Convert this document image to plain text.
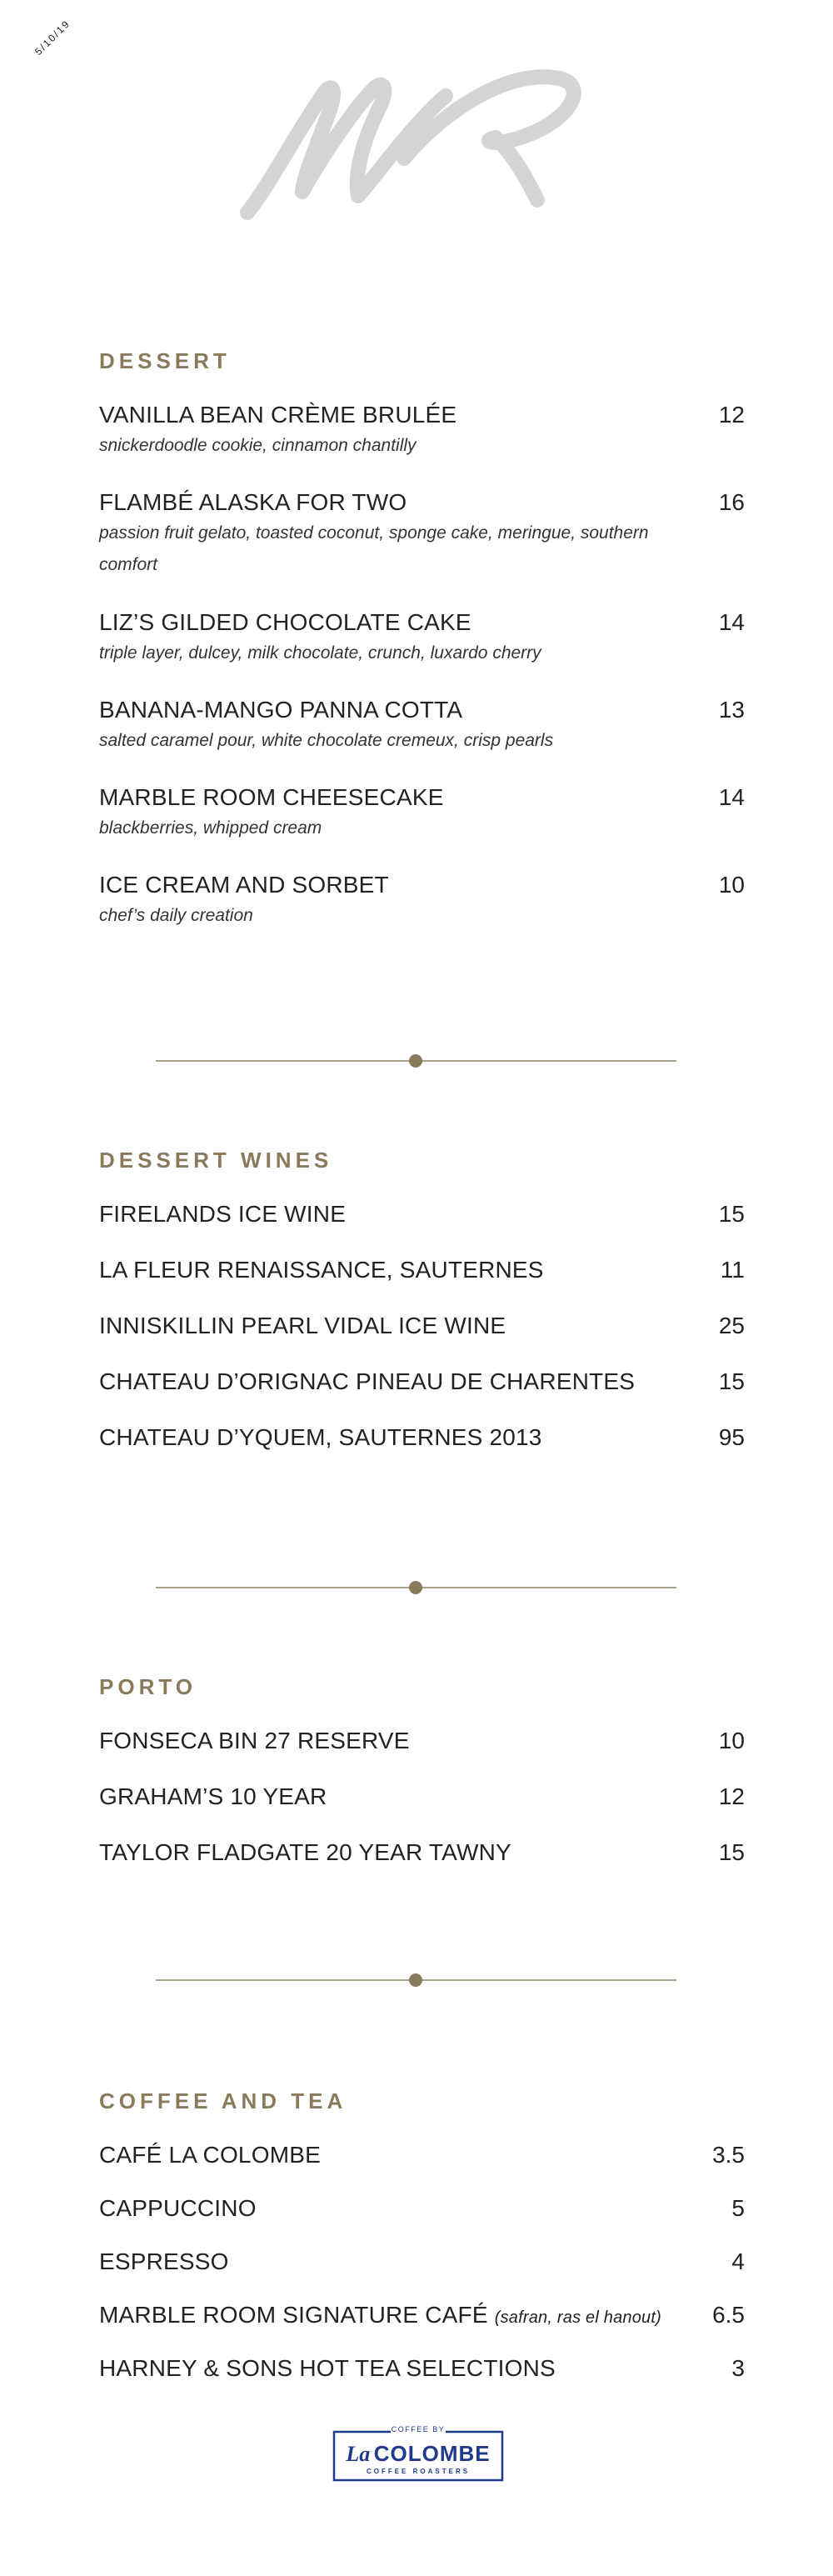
5/10/19
DESSERT
VANILLA BEAN CRÈME BRULÉE	12
snickerdoodle cookie, cinnamon chantilly
FLAMBÉ ALASKA FOR TWO	16
passion fruit gelato, toasted coconut, sponge cake, meringue, southern comfort
LIZ’S GILDED CHOCOLATE CAKE	14
triple layer, dulcey, milk chocolate, crunch, luxardo cherry
BANANA-MANGO PANNA COTTA	13
salted caramel pour, white chocolate cremeux, crisp pearls
MARBLE ROOM CHEESECAKE	14
blackberries, whipped cream
ICE CREAM AND SORBET	10
chef’s daily creation
DESSERT WINES
FIRELANDS ICE WINE	15
LA FLEUR RENAISSANCE, SAUTERNES	11
INNISKILLIN PEARL VIDAL ICE WINE	25
CHATEAU D’ORIGNAC PINEAU DE CHARENTES	15
CHATEAU D’YQUEM, SAUTERNES 2013	95
PORTO
FONSECA BIN 27 RESERVE	10
GRAHAM’S 10 YEAR	12
TAYLOR FLADGATE 20 YEAR TAWNY	15
COFFEE AND TEA
CAFÉ LA COLOMBE	3.5
CAPPUCCINO	5
ESPRESSO	4
MARBLE ROOM SIGNATURE CAFÉ (safran, ras el hanout)	6.5
HARNEY & SONS HOT TEA SELECTIONS	3
COFFEE BY
La COLOMBE
COFFEE ROASTERS
